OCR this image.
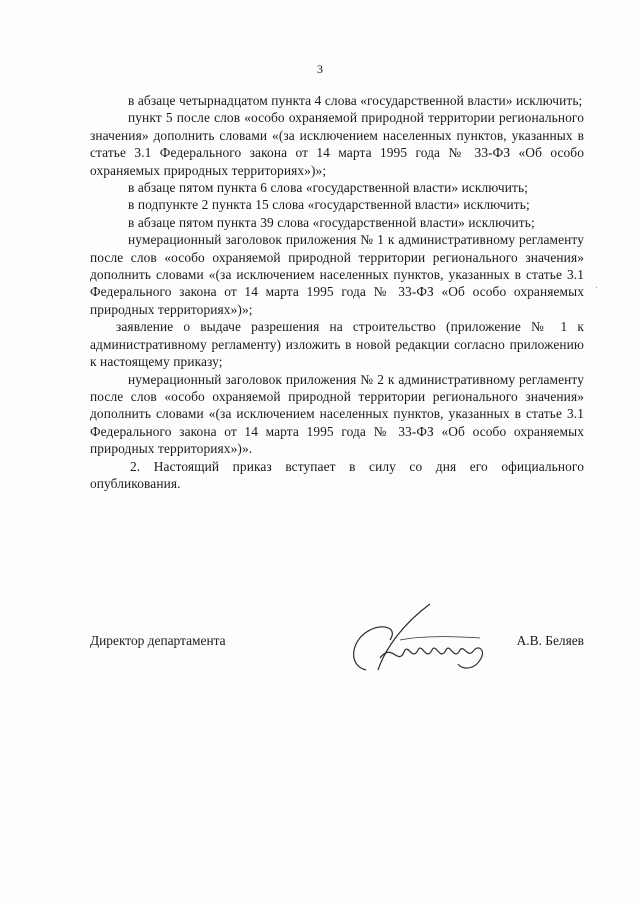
3

в абзаце четырнадцатом пункта 4 слова «государственной власти» исключить;

пункт 5 после слов «особо охраняемой природной территории регионального значения» дополнить словами «(за исключением населенных пунктов, указанных в статье 3.1 Федерального закона от 14 марта 1995 года № 33-ФЗ «Об особо охраняемых природных территориях»)»;

в абзаце пятом пункта 6 слова «государственной власти» исключить;

в подпункте 2 пункта 15 слова «государственной власти» исключить;

в абзаце пятом пункта 39 слова «государственной власти» исключить;

нумерационный заголовок приложения № 1 к административному регламенту после слов «особо охраняемой природной территории регионального значения» дополнить словами «(за исключением населенных пунктов, указанных в статье 3.1 Федерального закона от 14 марта 1995 года № 33-ФЗ «Об особо охраняемых природных территориях»)»;

заявление о выдаче разрешения на строительство (приложение № 1 к административному регламенту) изложить в новой редакции согласно приложению к настоящему приказу;

нумерационный заголовок приложения № 2 к административному регламенту после слов «особо охраняемой природной территории регионального значения» дополнить словами «(за исключением населенных пунктов, указанных в статье 3.1 Федерального закона от 14 марта 1995 года № 33-ФЗ «Об особо охраняемых природных территориях»)».

2. Настоящий приказ вступает в силу со дня его официального опубликования.

Директор департамента	А.В. Беляев
